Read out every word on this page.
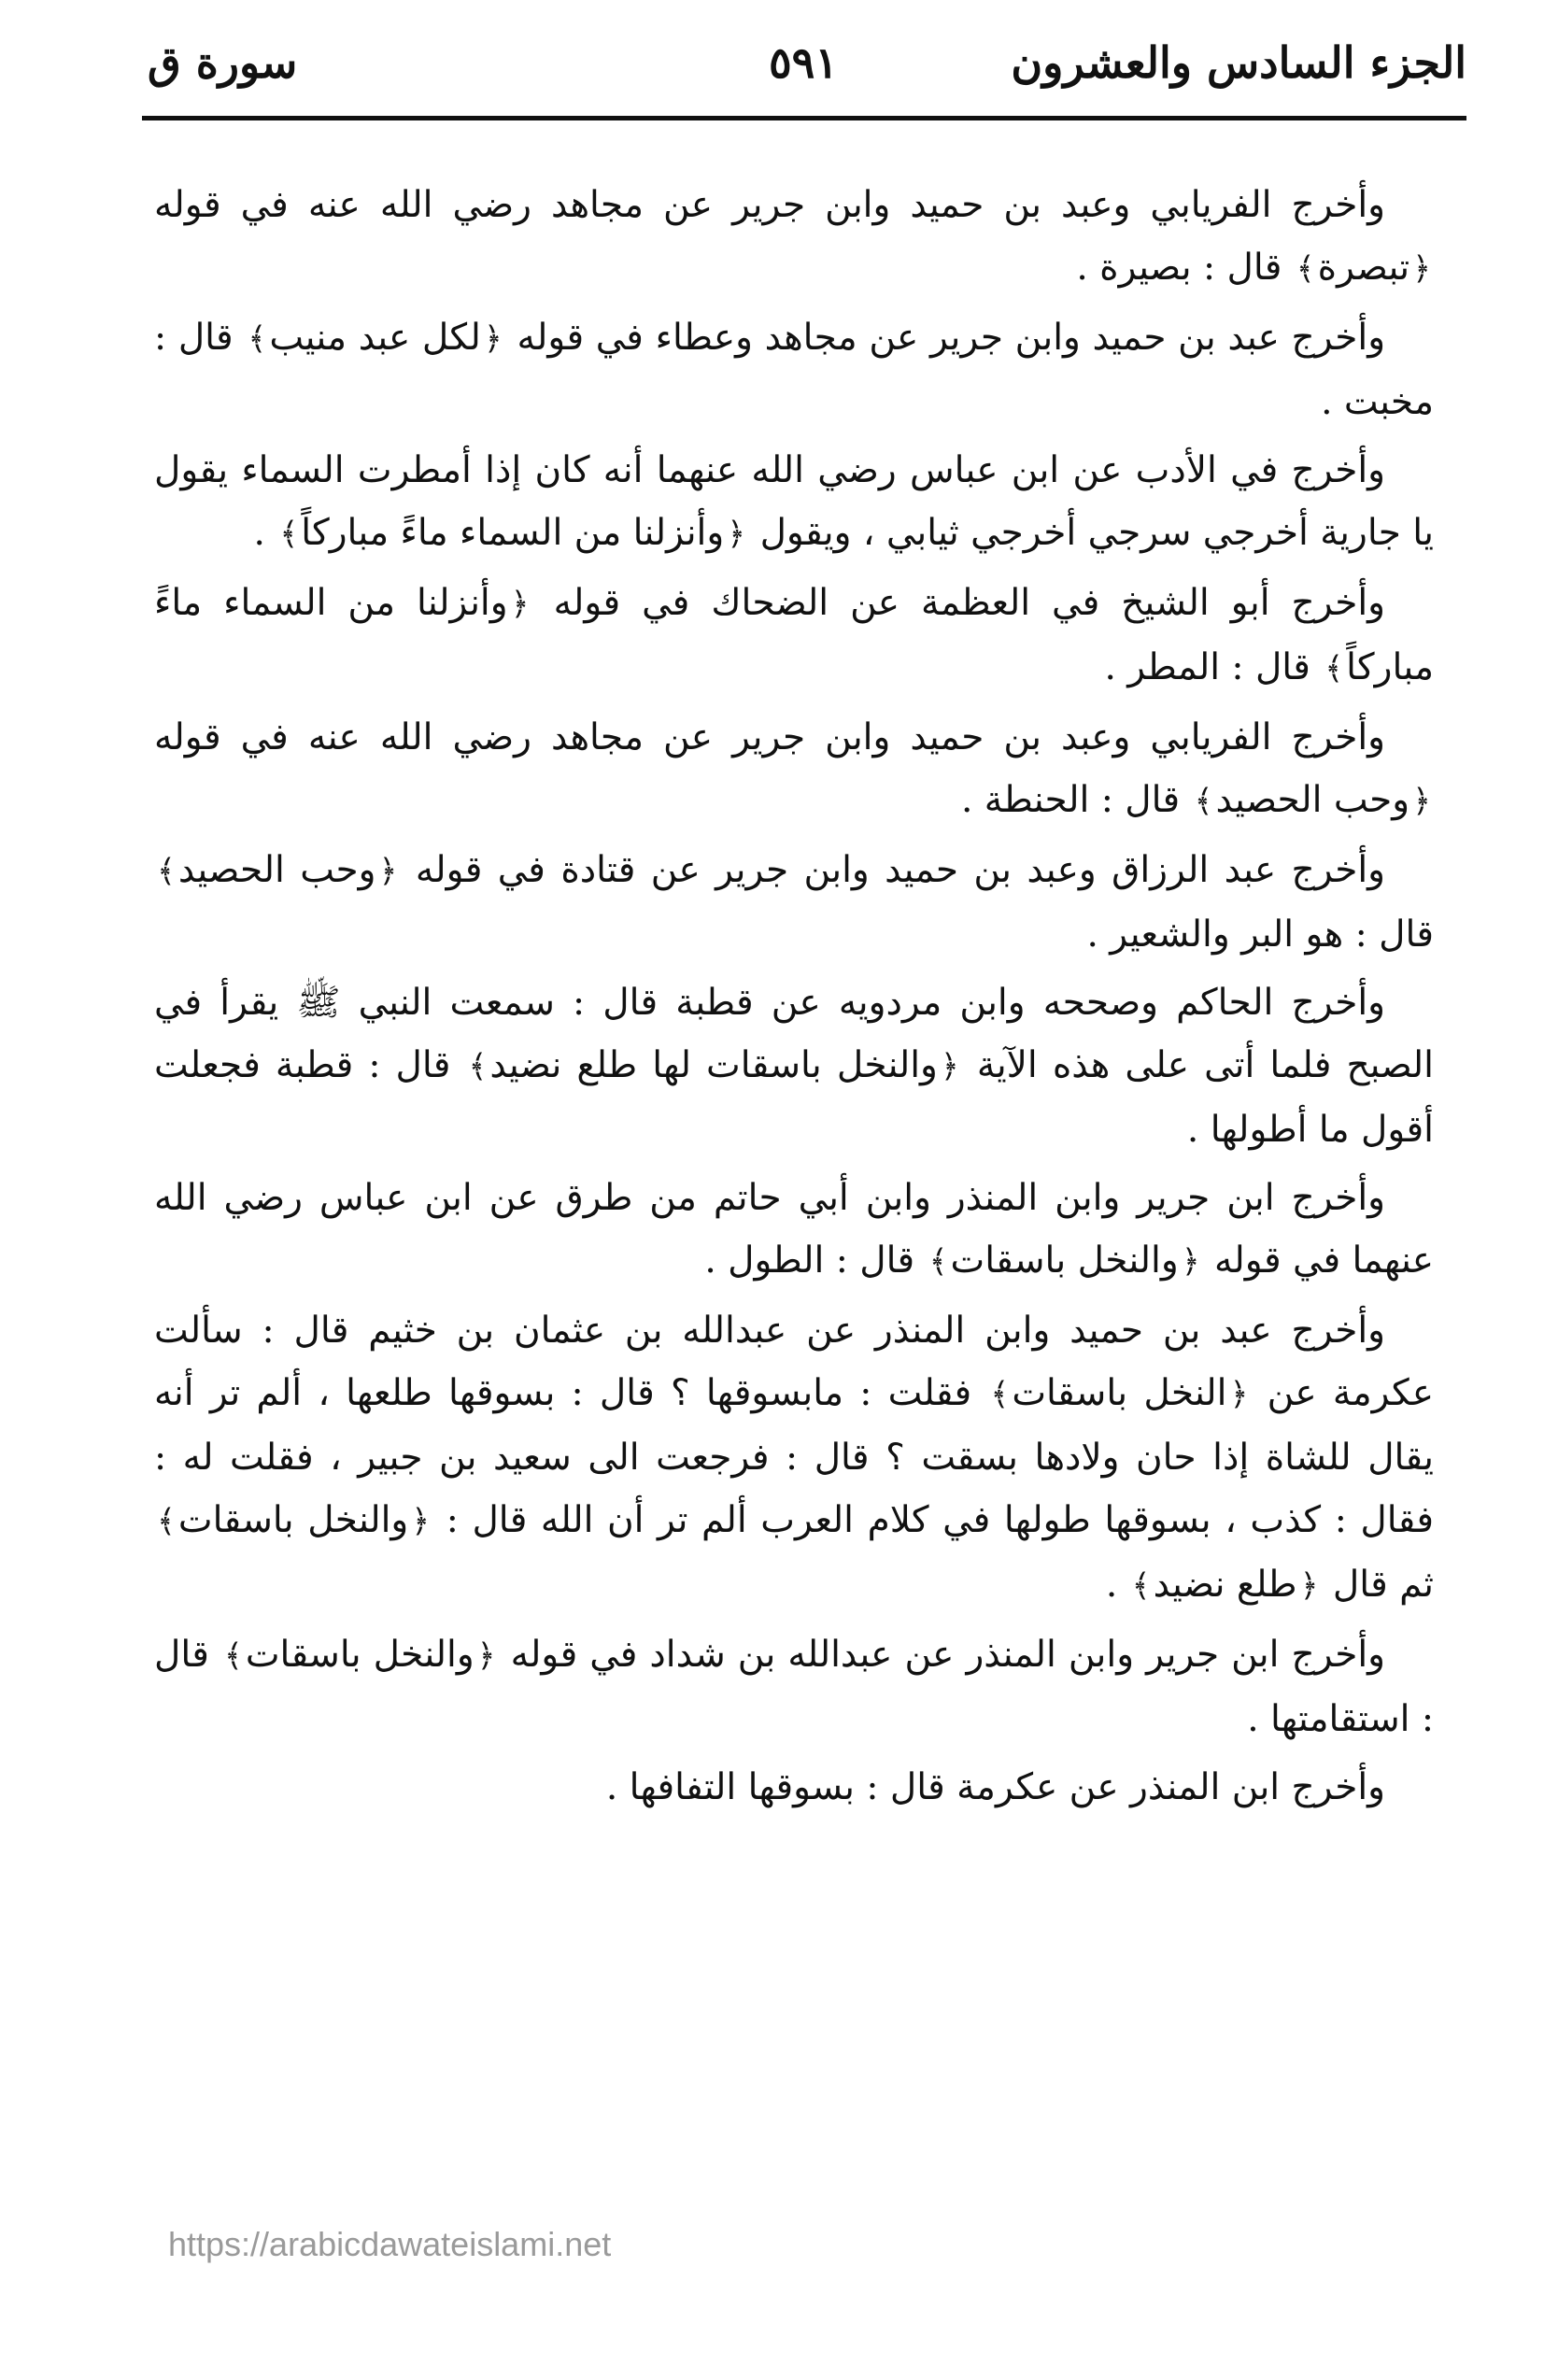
الجزء السادس والعشرون
٥٩١
سورة ق

وأخرج الفريابي وعبد بن حميد وابن جرير عن مجاهد رضي الله عنه في قوله ﴿تبصرة﴾ قال : بصيرة .

وأخرج عبد بن حميد وابن جرير عن مجاهد وعطاء في قوله ﴿لكل عبد منيب﴾ قال : مخبت .

وأخرج في الأدب عن ابن عباس رضي الله عنهما أنه كان إذا أمطرت السماء يقول يا جارية أخرجي سرجي أخرجي ثيابي ، ويقول ﴿وأنزلنا من السماء ماءً مباركاً﴾ .

وأخرج أبو الشيخ في العظمة عن الضحاك في قوله ﴿وأنزلنا من السماء ماءً مباركاً﴾ قال : المطر .

وأخرج الفريابي وعبد بن حميد وابن جرير عن مجاهد رضي الله عنه في قوله ﴿وحب الحصيد﴾ قال : الحنطة .

وأخرج عبد الرزاق وعبد بن حميد وابن جرير عن قتادة في قوله ﴿وحب الحصيد﴾ قال : هو البر والشعير .

وأخرج الحاكم وصححه وابن مردويه عن قطبة قال : سمعت النبي ﷺ يقرأ في الصبح فلما أتى على هذه الآية ﴿والنخل باسقات لها طلع نضيد﴾ قال : قطبة فجعلت أقول ما أطولها .

وأخرج ابن جرير وابن المنذر وابن أبي حاتم من طرق عن ابن عباس رضي الله عنهما في قوله ﴿والنخل باسقات﴾ قال : الطول .

وأخرج عبد بن حميد وابن المنذر عن عبدالله بن عثمان بن خثيم قال : سألت عكرمة عن ﴿النخل باسقات﴾ فقلت : مابسوقها ؟ قال : بسوقها طلعها ، ألم تر أنه يقال للشاة إذا حان ولادها بسقت ؟ قال : فرجعت الى سعيد بن جبير ، فقلت له : فقال : كذب ، بسوقها طولها في كلام العرب ألم تر أن الله قال : ﴿والنخل باسقات﴾ ثم قال ﴿طلع نضيد﴾ .

وأخرج ابن جرير وابن المنذر عن عبدالله بن شداد في قوله ﴿والنخل باسقات﴾ قال : استقامتها .

وأخرج ابن المنذر عن عكرمة قال : بسوقها التفافها .

https://arabicdawateislami.net
